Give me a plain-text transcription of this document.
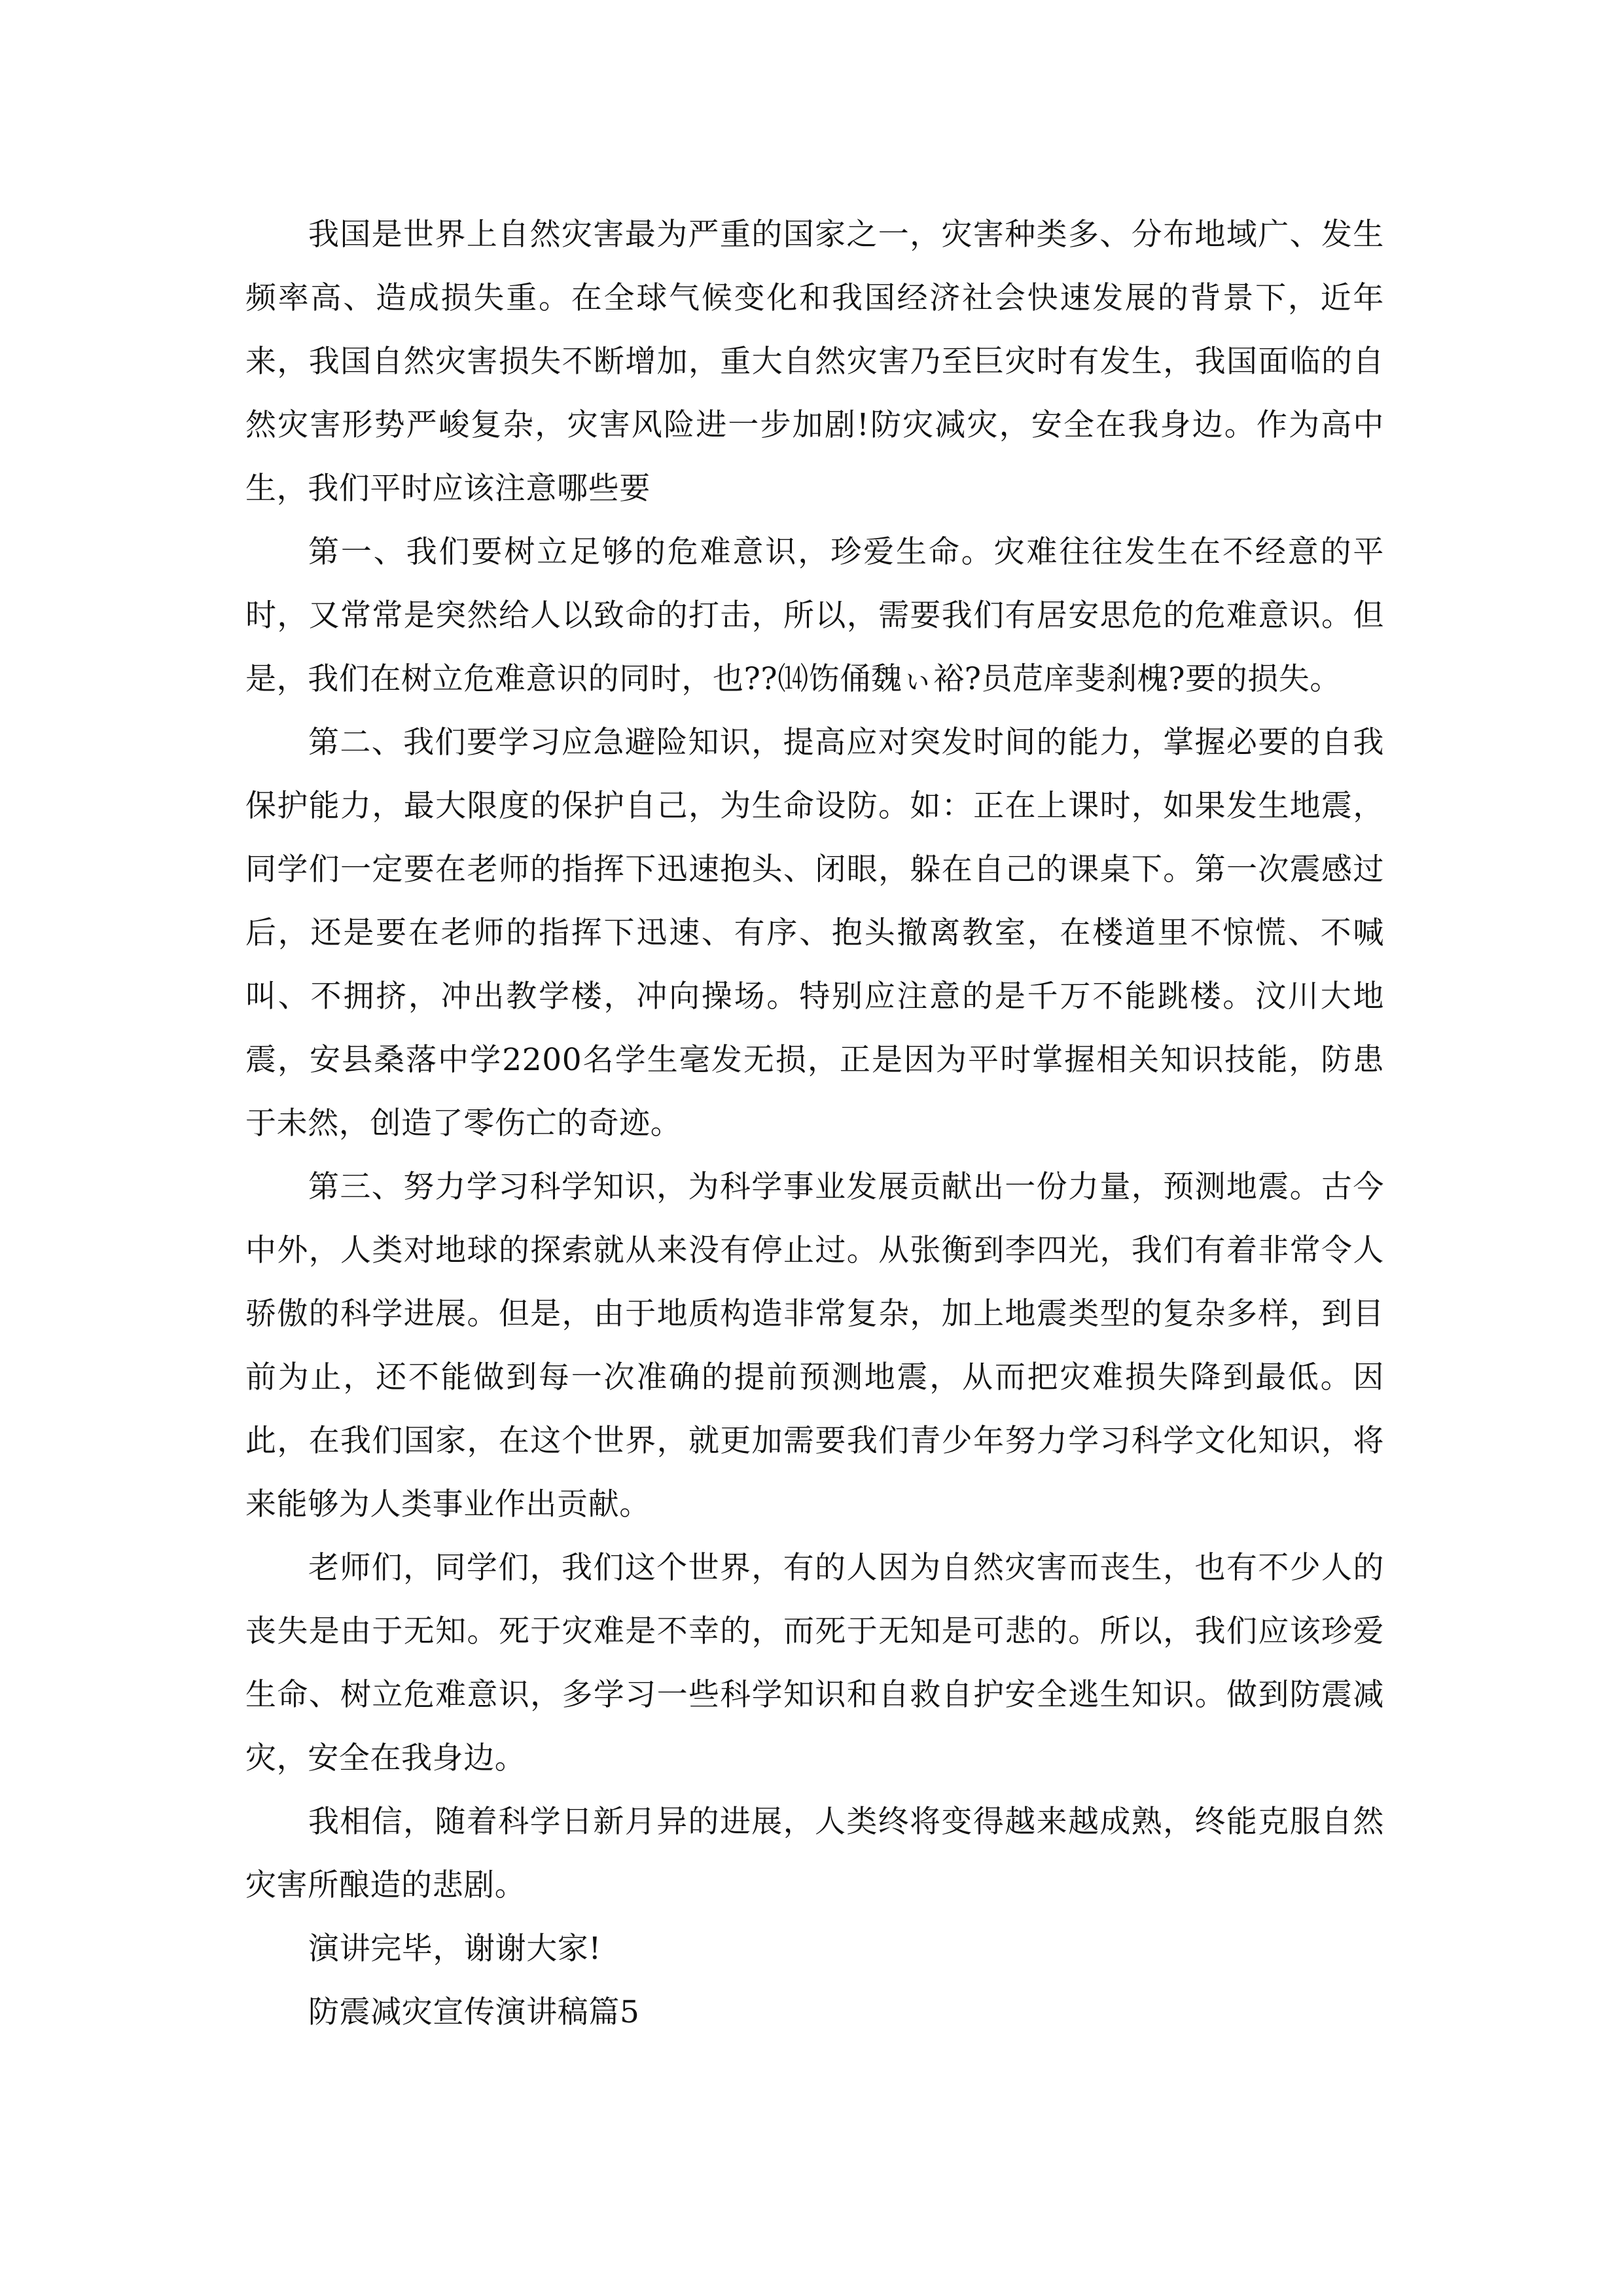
我国是世界上自然灾害最为严重的国家之一，灾害种类多、分布地域广、发生频率高、造成损失重。在全球气候变化和我国经济社会快速发展的背景下，近年来，我国自然灾害损失不断增加，重大自然灾害乃至巨灾时有发生，我国面临的自然灾害形势严峻复杂，灾害风险进一步加剧!防灾减灾，安全在我身边。作为高中生，我们平时应该注意哪些要

第一、我们要树立足够的危难意识，珍爱生命。灾难往往发生在不经意的平时，又常常是突然给人以致命的打击，所以，需要我们有居安思危的危难意识。但是，我们在树立危难意识的同时，也??⒁饬俑魏ぃ裕?员苊庠斐刹槐?要的损失。

第二、我们要学习应急避险知识，提高应对突发时间的能力，掌握必要的自我保护能力，最大限度的保护自己，为生命设防。如：正在上课时，如果发生地震，同学们一定要在老师的指挥下迅速抱头、闭眼，躲在自己的课桌下。第一次震感过后，还是要在老师的指挥下迅速、有序、抱头撤离教室，在楼道里不惊慌、不喊叫、不拥挤，冲出教学楼，冲向操场。特别应注意的是千万不能跳楼。汶川大地震，安县桑落中学2200名学生毫发无损，正是因为平时掌握相关知识技能，防患于未然，创造了零伤亡的奇迹。

第三、努力学习科学知识，为科学事业发展贡献出一份力量，预测地震。古今中外，人类对地球的探索就从来没有停止过。从张衡到李四光，我们有着非常令人骄傲的科学进展。但是，由于地质构造非常复杂，加上地震类型的复杂多样，到目前为止，还不能做到每一次准确的提前预测地震，从而把灾难损失降到最低。因此，在我们国家，在这个世界，就更加需要我们青少年努力学习科学文化知识，将来能够为人类事业作出贡献。

老师们，同学们，我们这个世界，有的人因为自然灾害而丧生，也有不少人的丧失是由于无知。死于灾难是不幸的，而死于无知是可悲的。所以，我们应该珍爱生命、树立危难意识，多学习一些科学知识和自救自护安全逃生知识。做到防震减灾，安全在我身边。

我相信，随着科学日新月异的进展，人类终将变得越来越成熟，终能克服自然灾害所酿造的悲剧。

演讲完毕，谢谢大家!

防震减灾宣传演讲稿篇5
